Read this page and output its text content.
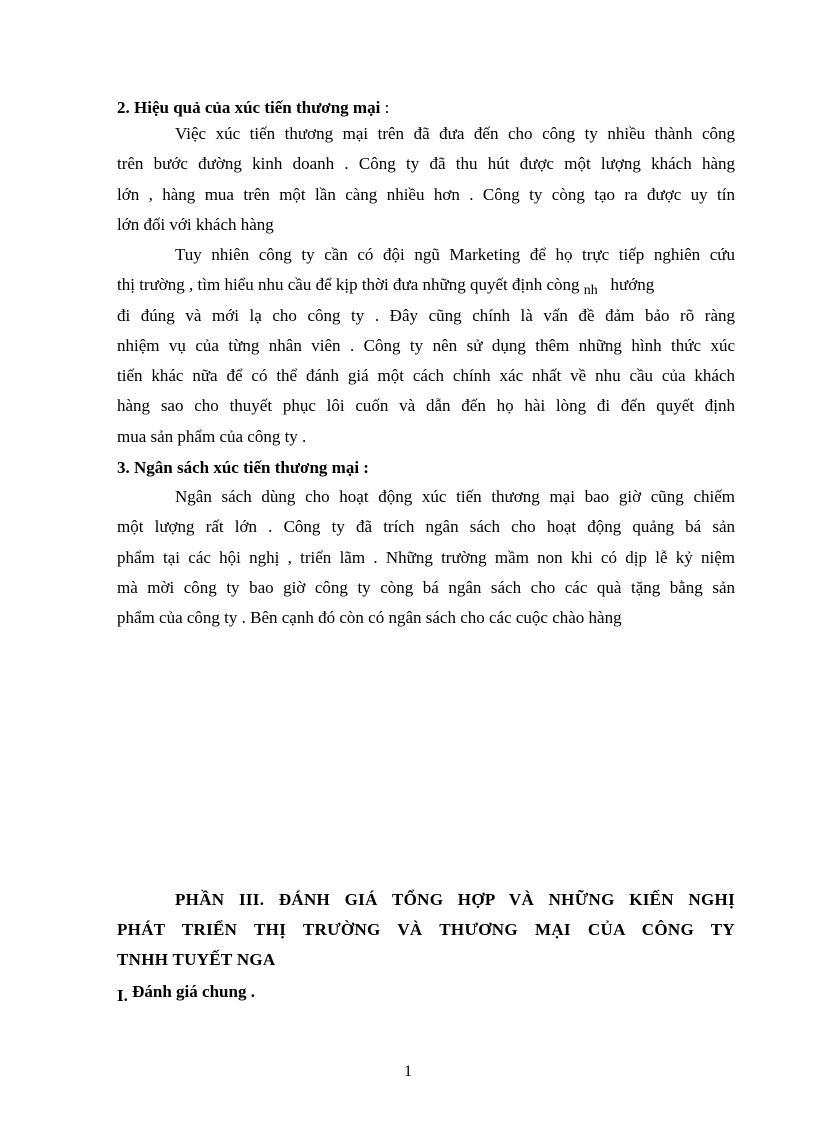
2. Hiệu quả của xúc tiến thương mại :
Việc xúc tiến thương mại trên đã đưa đến cho công ty nhiều thành công
trên bước đường kinh doanh . Công ty đã thu hút được một lượng khách hàng
lớn , hàng mua trên một lần càng nhiều hơn . Công ty còng tạo ra được uy tín
lớn đối với khách hàng
Tuy nhiên công ty cần có đội ngũ Marketing để họ trực tiếp nghiên cứu
thị trường , tìm hiểu nhu cầu để kịp thời đưa những quyết định còng $_{nh}$ hướng
đi đúng và mới lạ cho công ty . Đây cũng chính là vấn đề đảm bảo rõ ràng
nhiệm vụ của từng nhân viên . Công ty nên sử dụng thêm những hình thức xúc
tiến khác nữa để có thể đánh giá một cách chính xác nhất về nhu cầu của khách
hàng sao cho thuyết phục lôi cuốn và dẫn đến họ hài lòng đi đến quyết định
mua sản phẩm của công ty .
3. Ngân sách xúc tiến thương mại :
Ngân sách dùng cho hoạt động xúc tiến thương mại bao giờ cũng chiếm
một lượng rất lớn . Công ty đã trích ngân sách cho hoạt động quảng bá sản
phẩm tại các hội nghị , triển lãm . Những trường mầm non khi có dịp lễ kỷ niệm
mà mời công ty bao giờ công ty còng bá ngân sách cho các quà tặng bằng sản
phẩm của công ty . Bên cạnh đó còn có ngân sách cho các cuộc chào hàng
PHẦN III. ĐÁNH GIÁ TỔNG HỢP VÀ NHỮNG KIẾN NGHỊ
PHÁT TRIỂN THỊ TRƯỜNG VÀ THƯƠNG MẠI CỦA CÔNG TY
TNHH TUYẾT NGA
I. Đánh giá chung .
1
